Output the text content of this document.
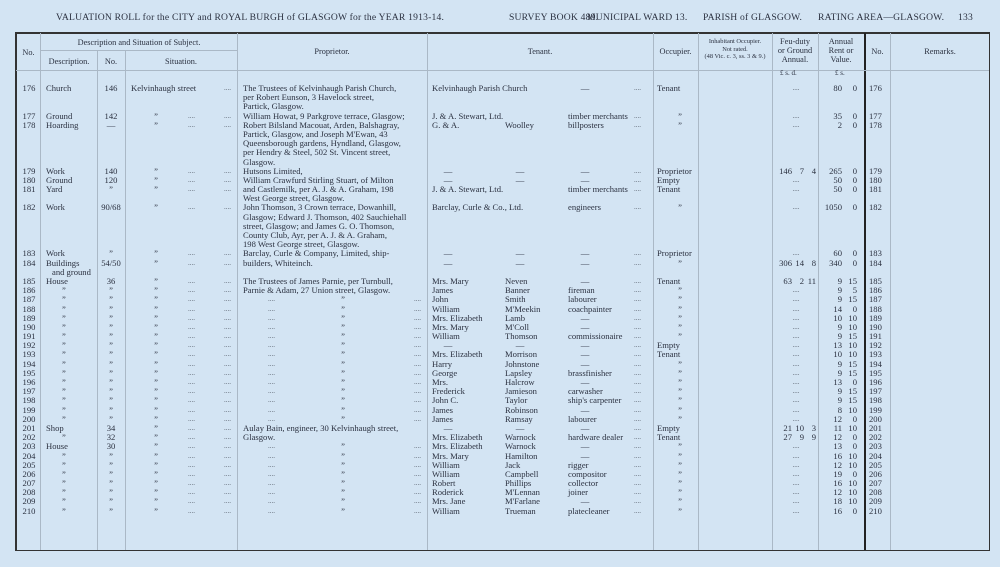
VALUATION ROLL for the CITY and ROYAL BURGH of GLASGOW for the YEAR 1913-14.	SURVEY BOOK 489.
MUNICIPAL WARD 13. PARISH of GLASGOW. RATING AREA—GLASGOW. 133
No.
Description and Situation of Subject.
Description.	No.	Situation.
Proprietor.	Tenant.	Occupier.
Inhabitant Occupier.
Not rated.
(48 Vic. c. 3, ss. 3 & 9.)
Feu-duty
or Ground
Annual.
Annual
Rent or
Value.
No.	Remarks.
£ s. d.	£ s.
176	Church	146	Kelvinhaugh street	.... The Trustees of Kelvinhaugh Parish Church,	Kelvinhaugh Parish Church	—	.... Tenant	....	80	0 176
per Robert Eunson, 3 Havelock street,
Partick, Glasgow.
177	Ground	142	”	....	.... William Howat, 9 Parkgrove terrace, Glasgow;	J. & A. Stewart, Ltd.	timber merchants ....	”	....	35	0 177
178	Hoarding	—	”	....	.... Robert Bilsland Macouat, Arden, Balshagray,	G. & A.	Woolley	billposters	....	”	....	2	0 178
Partick, Glasgow, and Joseph M'Ewan, 43
Queensborough gardens, Hyndland, Glasgow,
per Hendry & Steel, 502 St. Vincent street,
Glasgow.
179	Work	140	”	....	.... Hutsons Limited,	—	—	—	.... Proprietor	146 7 4	265	0 179
180	Ground	120	”	....	.... William Crawfurd Stirling Stuart, of Milton	—	—	—	.... Empty	....	50	0 180
181	Yard	”	”	....	.... and Castlemilk, per A. J. & A. Graham, 198	J. & A. Stewart, Ltd.	timber merchants .... Tenant	....	50	0 181
West George street, Glasgow.
182	Work	90/68	”	....	.... John Thomson, 3 Crown terrace, Dowanhill,	Barclay, Curle & Co., Ltd.	engineers	....	”	....	1050	0 182
Glasgow; Edward J. Thomson, 402 Sauchiehall
street, Glasgow; and James G. O. Thomson,
County Club, Ayr, per A. J. & A. Graham,
198 West George street, Glasgow.
183	Work	”	”	....	.... Barclay, Curle & Company, Limited, ship-	—	—	—	.... Proprietor	....	60	0 183
184	Buildings	54/50	”	....	.... builders, Whiteinch.	—	—	—	....	”	306 14 8	340	0 184
and ground
185	House	36	”	....	.... The Trustees of James Parnie, per Turnbull,	Mrs. Mary	Neven	—	.... Tenant	63 2 11	9 15 185
186	”	”	”	....	.... Parnie & Adam, 27 Union street, Glasgow.	James	Banner	fireman	....	”	....	9	5 186
187	”	”	”	....	....	....	”	.... John	Smith	labourer	....	”	....	9 15 187
188	”	”	”	....	....	....	”	.... William	M'Meekin	coachpainter	....	”	....	14	0 188
189	”	”	”	....	....	....	”	.... Mrs. Elizabeth	Lamb	—	....	”	....	10 10 189
190	”	”	”	....	....	....	”	.... Mrs. Mary	M'Coll	—	....	”	....	9 10 190
191	”	”	”	....	....	....	”	.... William	Thomson	commissionaire ....	”	....	9 15 191
192	”	”	”	....	....	....	”	....	—	—	—	.... Empty	....	13 10 192
193	”	”	”	....	....	....	”	.... Mrs. Elizabeth	Morrison	—	.... Tenant	....	10 10 193
194	”	”	”	....	....	....	”	.... Harry	Johnstone	—	....	”	....	9 15 194
195	”	”	”	....	....	....	”	.... George	Lapsley	brassfinisher	....	”	....	9 15 195
196	”	”	”	....	....	....	”	.... Mrs.	Halcrow	—	....	”	....	13	0 196
197	”	”	”	....	....	....	”	.... Frederick	Jamieson	carwasher	....	”	....	9 15 197
198	”	”	”	....	....	....	”	.... John C.	Taylor	ship's carpenter ....	”	....	9 15 198
199	”	”	”	....	....	....	”	.... James	Robinson	—	....	”	....	8 10 199
200	”	”	”	....	....	....	”	.... James	Ramsay	labourer	....	”	....	12	0 200
201	Shop	34	”	....	.... Aulay Bain, engineer, 30 Kelvinhaugh street,	—	—	—	.... Empty	21 10 3	11 10 201
202	”	32	”	....	.... Glasgow.	Mrs. Elizabeth	Warnock	hardware dealer .... Tenant	27 9 9	12	0 202
203	House	30	”	....	....	....	”	.... Mrs. Elizabeth	Warnock	—	....	”	....	13	0 203
204	”	”	”	....	....	....	”	.... Mrs. Mary	Hamilton	—	....	”	....	16 10 204
205	”	”	”	....	....	....	”	.... William	Jack	rigger	....	”	....	12 10 205
206	”	”	”	....	....	....	”	.... William	Campbell	compositor	....	”	....	19	0 206
207	”	”	”	....	....	....	”	.... Robert	Phillips	collector	....	”	....	16 10 207
208	”	”	”	....	....	....	”	.... Roderick	M'Lennan	joiner	....	”	....	12 10 208
209	”	”	”	....	....	....	”	.... Mrs. Jane	M'Farlane	—	....	”	....	18 10 209
210	”	”	”	....	....	....	”	.... William	Trueman	platecleaner	....	”	....	16	0 210
